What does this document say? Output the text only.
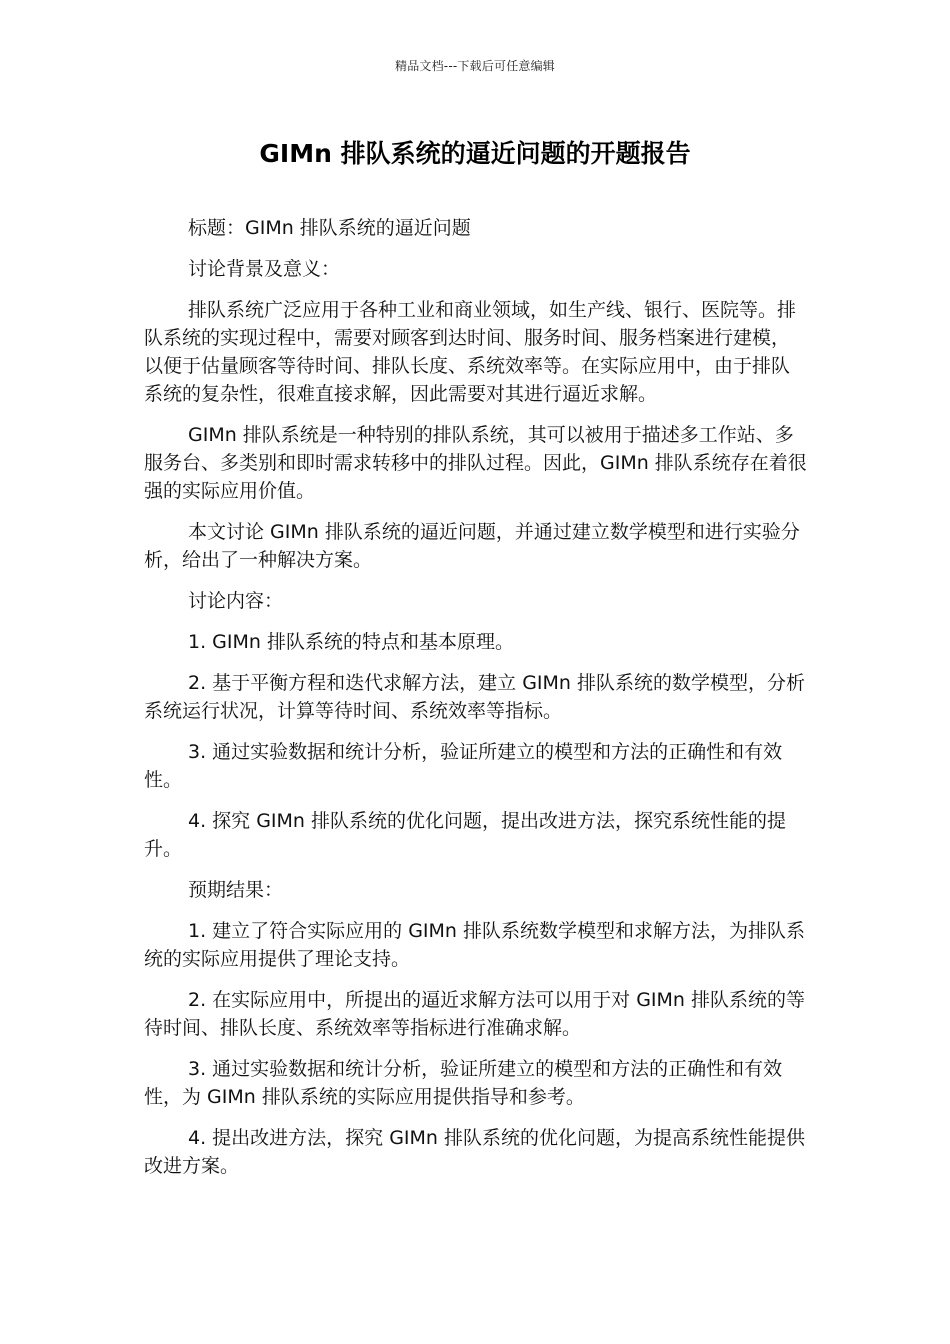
精品文档---下载后可任意编辑
GIMn 排队系统的逼近问题的开题报告

标题：GIMn 排队系统的逼近问题

讨论背景及意义：

排队系统广泛应用于各种工业和商业领域，如生产线、银行、医院等。排队系统的实现过程中，需要对顾客到达时间、服务时间、服务档案进行建模，以便于估量顾客等待时间、排队长度、系统效率等。在实际应用中，由于排队系统的复杂性，很难直接求解，因此需要对其进行逼近求解。

GIMn 排队系统是一种特别的排队系统，其可以被用于描述多工作站、多服务台、多类别和即时需求转移中的排队过程。因此，GIMn 排队系统存在着很强的实际应用价值。

本文讨论 GIMn 排队系统的逼近问题，并通过建立数学模型和进行实验分析，给出了一种解决方案。

讨论内容：

1. GIMn 排队系统的特点和基本原理。

2. 基于平衡方程和迭代求解方法，建立 GIMn 排队系统的数学模型，分析系统运行状况，计算等待时间、系统效率等指标。

3. 通过实验数据和统计分析，验证所建立的模型和方法的正确性和有效性。

4. 探究 GIMn 排队系统的优化问题，提出改进方法，探究系统性能的提升。

预期结果：

1. 建立了符合实际应用的 GIMn 排队系统数学模型和求解方法，为排队系统的实际应用提供了理论支持。

2. 在实际应用中，所提出的逼近求解方法可以用于对 GIMn 排队系统的等待时间、排队长度、系统效率等指标进行准确求解。

3. 通过实验数据和统计分析，验证所建立的模型和方法的正确性和有效性，为 GIMn 排队系统的实际应用提供指导和参考。

4. 提出改进方法，探究 GIMn 排队系统的优化问题，为提高系统性能提供改进方案。
